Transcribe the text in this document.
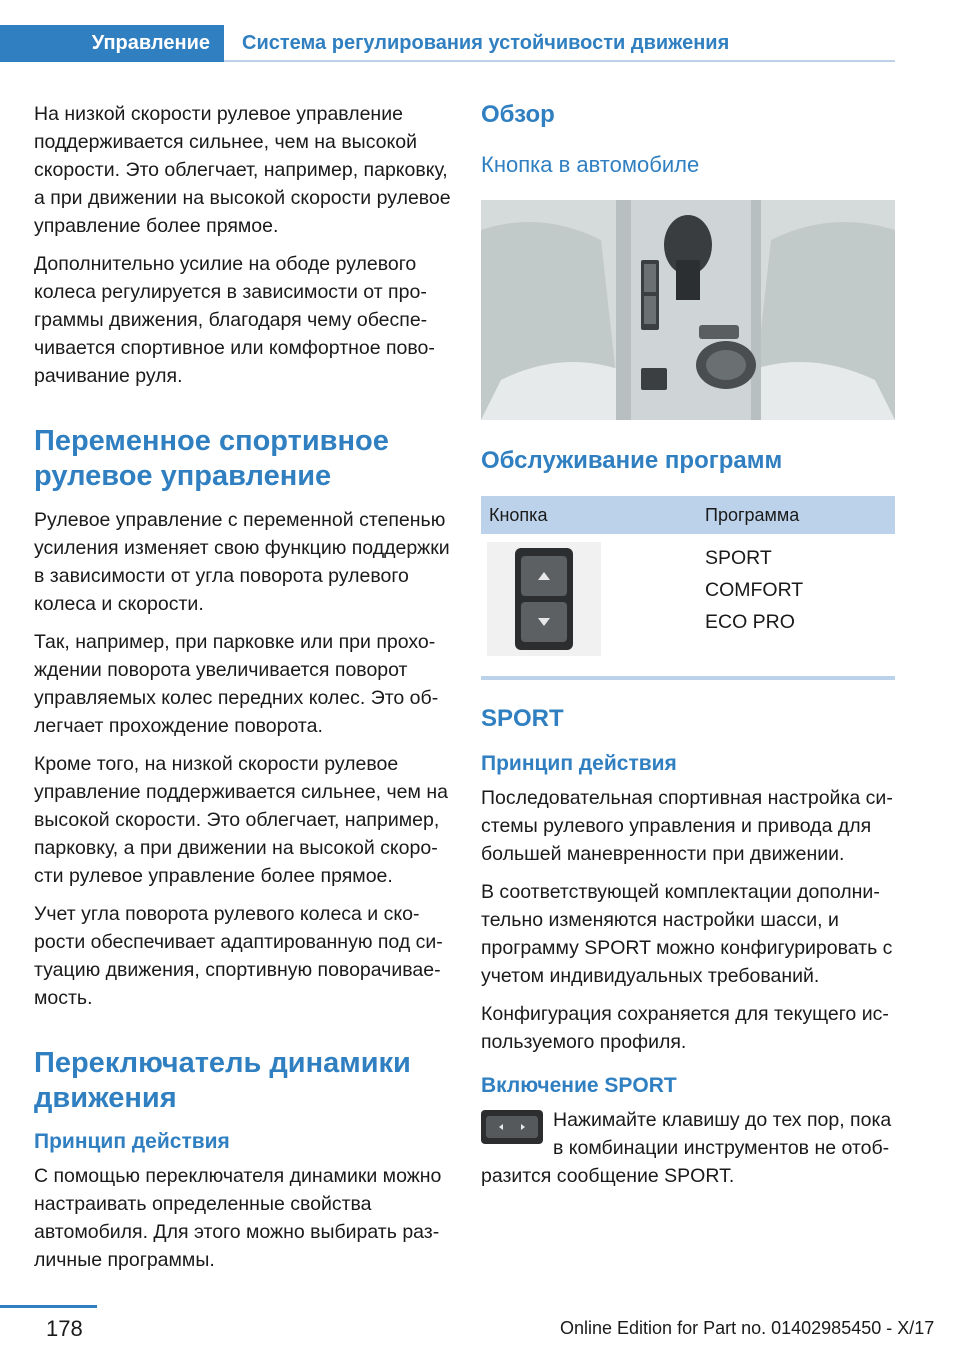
Управление	Система регулирования устойчивости движения

На низкой скорости рулевое управление поддерживается сильнее, чем на высокой скорости. Это облегчает, например, парковку, а при движении на высокой скорости рулевое управление более прямое.

Дополнительно усилие на ободе рулевого колеса регулируется в зависимости от программы движения, благодаря чему обеспечивается спортивное или комфортное поворачивание руля.

Переменное спортивное рулевое управление

Рулевое управление с переменной степенью усиления изменяет свою функцию поддержки в зависимости от угла поворота рулевого колеса и скорости.

Так, например, при парковке или при прохождении поворота увеличивается поворот управляемых колес передних колес. Это облегчает прохождение поворота.

Кроме того, на низкой скорости рулевое управление поддерживается сильнее, чем на высокой скорости. Это облегчает, например, парковку, а при движении на высокой скорости рулевое управление более прямое.

Учет угла поворота рулевого колеса и скорости обеспечивает адаптированную под ситуацию движения, спортивную поворачиваемость.

Переключатель динамики движения
Принцип действия

С помощью переключателя динамики можно настраивать определенные свойства автомобиля. Для этого можно выбирать различные программы.

Обзор
Кнопка в автомобиле
Обслуживание программ
Кнопка	Программа

SPORT
COMFORT
ECO PRO
SPORT
Принцип действия

Последовательная спортивная настройка системы рулевого управления и привода для большей маневренности при движении.

В соответствующей комплектации дополнительно изменяются настройки шасси, и программу SPORT можно конфигурировать с учетом индивидуальных требований.

Конфигурация сохраняется для текущего используемого профиля.

Включение SPORT

Нажимайте клавишу до тех пор, пока в комбинации инструментов не отобразится сообщение SPORT.

178	Online Edition for Part no. 01402985450 - X/17
